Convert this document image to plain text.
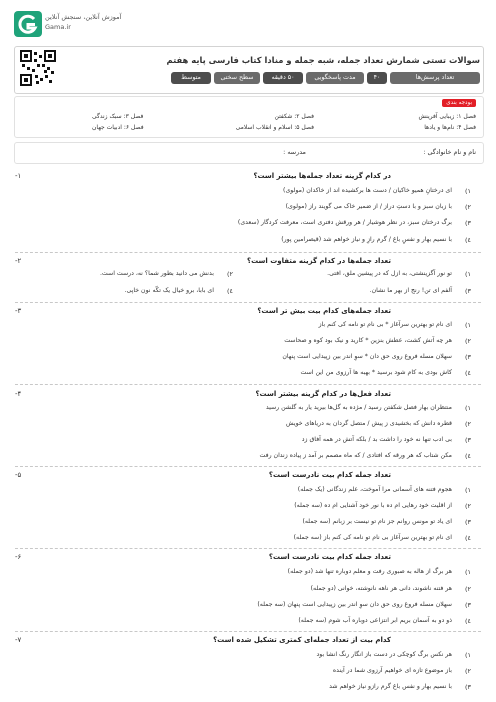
آموزش آنلاین، سنجش آنلاین
Gama.ir
سوالات تستی شمارش تعداد جمله، شبه جمله و منادا کتاب فارسی پایه هفتم
تعداد پرسش‌ها
۴۰
مدت پاسخگویی
۵۰ دقیقه
سطح سختی
متوسط
بودجه بندی
فصل ۱: زیبایی آفرینش
فصل ۲: شکفتن
فصل ۳: سبک زندگی
فصل ۴: نام‌ها و یادها
فصل ۵: اسلام و انقلاب اسلامی
فصل ۶: ادبیات جهان
نام و نام خانوادگی :
مدرسه :
۱-	در کدام گزینه تعداد جمله‌ها بیشتر است؟
١)
ای درختانِ همیو خاکیان / دست ها برکشیده اند از خاکدان (مولوی)
٢)
با زبان سبز و با دستِ دراز / از ضمیر خاک می گویند راز (مولوی)
٣)
برگ درختان سبز، در نظر هوشیار / هر ورقش دفتری است، معرفت کردگار (سعدی)
٤)
با نسیم بهار و نفسِ باغ / گرم رازِ و نیاز خواهم شد (قیصرامین پور)
۲-	تعداد جمله‌ها در کدام گزینه متفاوت است؟
١)
تو نور آگزینشتی، به ازل که در پیشین ملق، افتی.
٢)
بدنش می دانید بطور شما؟ نه، درست است.
٣)
آلفم ای تن! رنج از بهر ما نشان.
٤)
ای بابا، برو خیال یک تکّه نون خاپی.
۳-	تعداد جمله‌های کدام بیت بیش تر است؟
١)
ای نام تو بهترین سرآغاز * بی نام تو نامه کی کنم باز
٢)
هر چه آتش کشت، عطش بنزین * کارید و نیک بود کوه و صحاست
٣)
سهلان مسله فروغ روی حق دان * سوِ اندر بین زپیدایی است پنهان
٤)
کاش بودی به کام شود برسید * بهبه ها آرزوی من این است
۴-	تعداد فعل‌ها در کدام گزینه بیشتر است؟
١)
منتظران بهار فصل شکفتن رسید / مژده به گل‌ها بیرید یار به گلشن رسید
٢)
قطره دانش که بخشیدی ز پیش / متصل گردان به دریاهای خویش
٣)
بی ادب تنها نه خود را داشت بد / بلکه آتش در همه آفاق زد
٤)
مکن شتاب که هر ورقه که افتادی / که ماه مصمم بر آمد ز پیاده زندان رفت
۵-	تعداد جمله کدام بیت نادرست است؟
١)
هجوم فتنه های آسمانی مرا آموخت، علم زندگانی (یک جمله)
٢)
از اقلیت خود رهایی ام ده با نور خود آشنایی ام ده (سه جمله)
٣)
ای یاد تو مونس روانم جز نام تو نیست بر زبانم (سه جمله)
٤)
ای نام تو بهترین سرآغاز بی نام تو نامه کی کنم باز (سه جمله)
۶-	تعداد جمله کدام بیت نادرست است؟
١)
هر برگ از هاله به صبوری رفت و معلم دوباره تنها شد (دو جمله)
٢)
هر فتنه ناشوند، دانی هر ناهه نانوشته، خوانی (دو جمله)
٣)
سهلان مسله فروغ روی حق دان سوِ اندر بین زپیدایی است پنهان (سه جمله)
٤)
ذو دو به آسمان بریم ابر انتزاعی دوباره آب شوم (سه جمله)
۷-	کدام بیت از تعداد جمله‌ای کمتری تشکیل شده است؟
١)
هر نکس برگ کوچکی در دست باز انگار رنگ انشا بود
٢)
باز موضوع تازه ای خواهیم آرزوی شما در آینده
٣)
با نسیم بهار و نفس باغ گرم رازو نیاز خواهم شد
